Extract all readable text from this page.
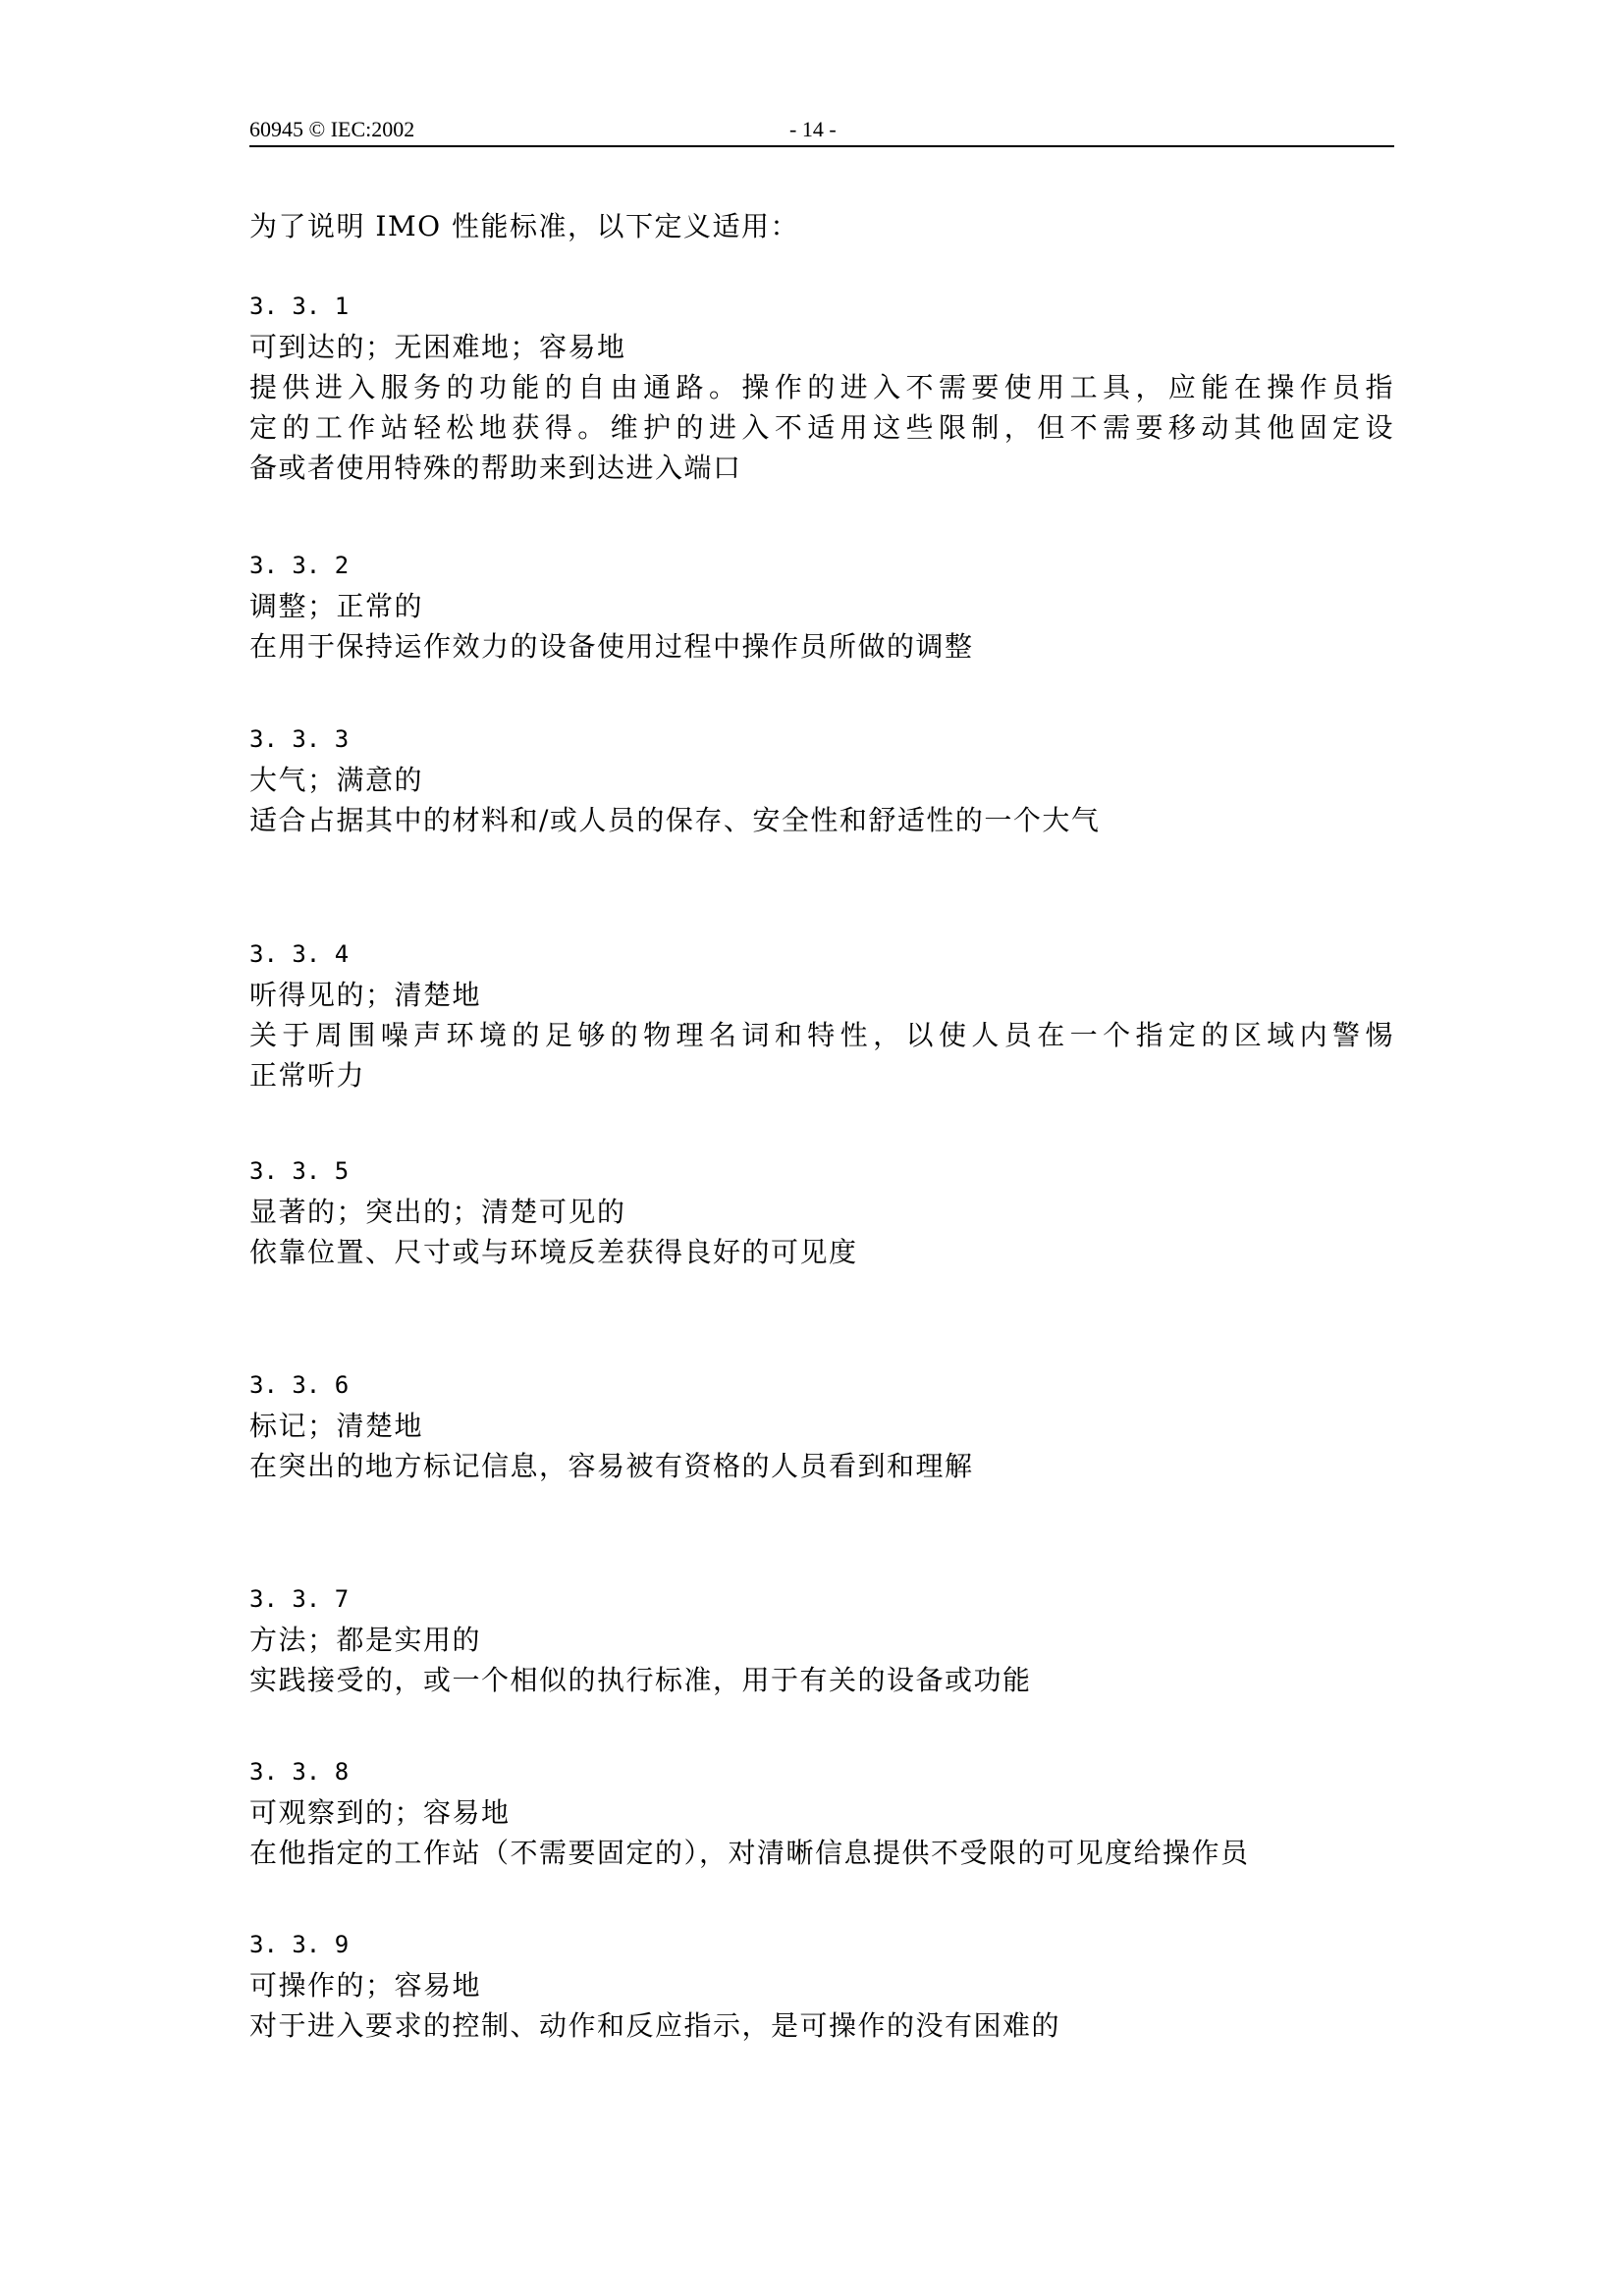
60945 © IEC:2002	- 14 -
为了说明 IMO 性能标准，以下定义适用：
3. 3. 1
可到达的；无困难地；容易地
提供进入服务的功能的自由通路。操作的进入不需要使用工具，应能在操作员指
定的工作站轻松地获得。维护的进入不适用这些限制，但不需要移动其他固定设
备或者使用特殊的帮助来到达进入端口
3. 3. 2
调整；正常的
在用于保持运作效力的设备使用过程中操作员所做的调整
3. 3. 3
大气；满意的
适合占据其中的材料和/或人员的保存、安全性和舒适性的一个大气
3. 3. 4
听得见的；清楚地
关于周围噪声环境的足够的物理名词和特性，以使人员在一个指定的区域内警惕
正常听力
3. 3. 5
显著的；突出的；清楚可见的
依靠位置、尺寸或与环境反差获得良好的可见度
3. 3. 6
标记；清楚地
在突出的地方标记信息，容易被有资格的人员看到和理解
3. 3. 7
方法；都是实用的
实践接受的，或一个相似的执行标准，用于有关的设备或功能
3. 3. 8
可观察到的；容易地
在他指定的工作站（不需要固定的），对清晰信息提供不受限的可见度给操作员
3. 3. 9
可操作的；容易地
对于进入要求的控制、动作和反应指示，是可操作的没有困难的
